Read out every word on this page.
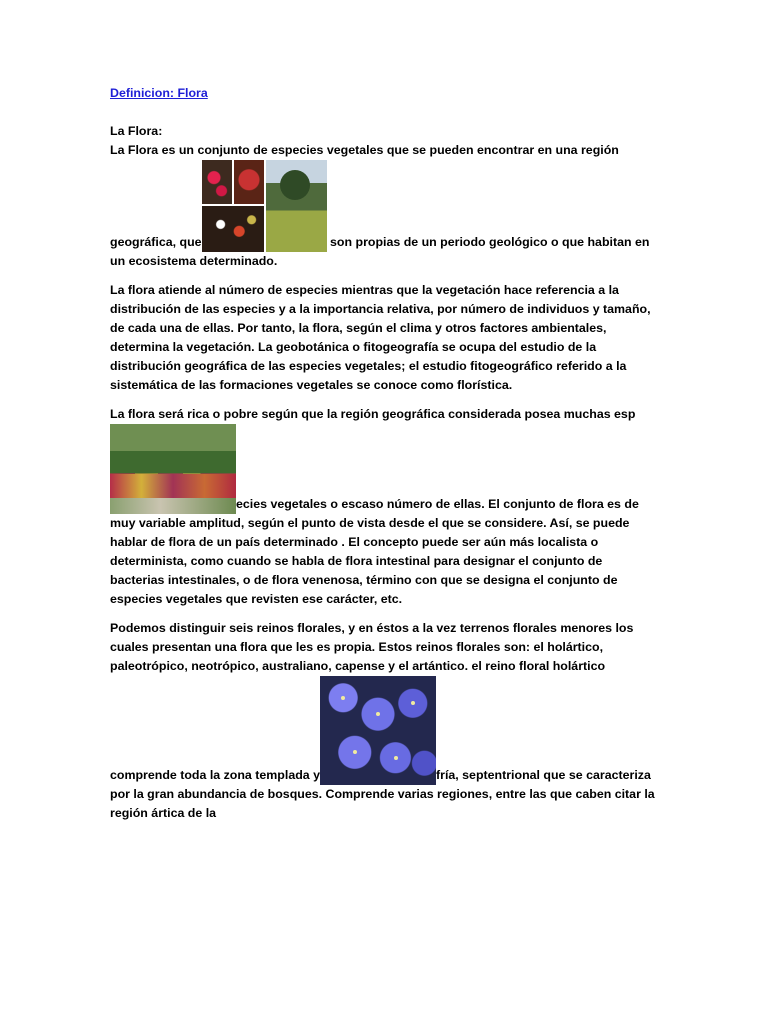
Definicion: Flora

La Flora:

La Flora es un conjunto de especies vegetales que se pueden encontrar en una región geográfica, que	son propias de un periodo geológico o que habitan en un ecosistema determinado.

La flora atiende al número de especies mientras que la vegetación hace referencia a la distribución de las especies y a la importancia relativa, por número de individuos y tamaño, de cada una de ellas. Por tanto, la flora, según el clima y otros factores ambientales, determina la vegetación. La geobotánica o fitogeografía se ocupa del estudio de la distribución geográfica de las especies vegetales; el estudio fitogeográfico referido a la sistemática de las formaciones vegetales se conoce como florística.

La flora será rica o pobre según que la región geográfica considerada posea muchas especies vegetales o escaso número de ellas. El conjunto de flora es de muy variable amplitud, según el punto de vista desde el que se considere. Así, se puede hablar de flora de un país determinado . El concepto puede ser aún más localista o determinista, como cuando se habla de flora intestinal para designar el conjunto de bacterias intestinales, o de flora venenosa, término con que se designa el conjunto de especies vegetales que revisten ese carácter, etc.

Podemos distinguir seis reinos florales, y en éstos a la vez terrenos florales menores los cuales presentan una flora que les es propia. Estos reinos florales son: el holártico, paleotrópico, neotrópico, australiano, capense y el artántico. el reino floral holártico comprende toda la zona templada y	fría, septentrional que se caracteriza por la gran abundancia de bosques. Comprende varias regiones, entre las que caben citar la región ártica de la
